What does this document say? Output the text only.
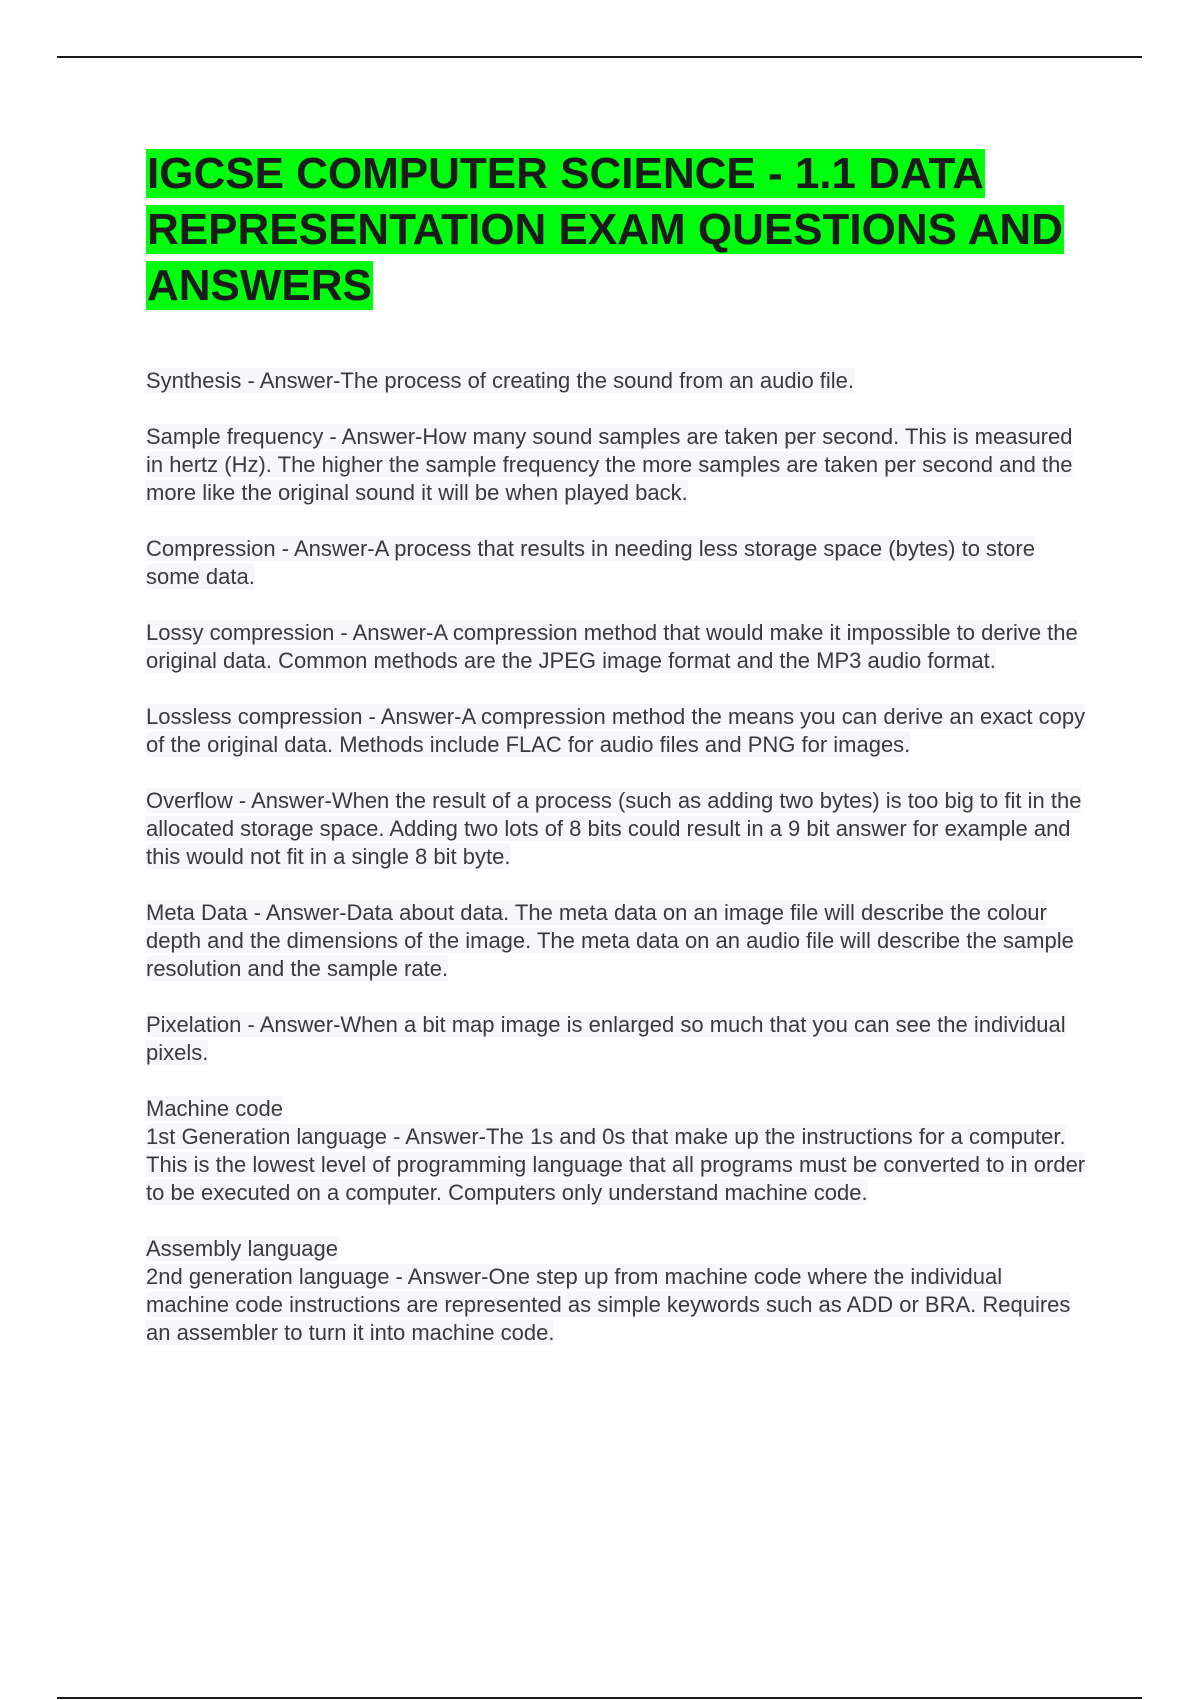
IGCSE COMPUTER SCIENCE - 1.1 DATA REPRESENTATION EXAM QUESTIONS AND ANSWERS

Synthesis - Answer-The process of creating the sound from an audio file.

Sample frequency - Answer-How many sound samples are taken per second. This is measured in hertz (Hz). The higher the sample frequency the more samples are taken per second and the more like the original sound it will be when played back.

Compression - Answer-A process that results in needing less storage space (bytes) to store some data.

Lossy compression - Answer-A compression method that would make it impossible to derive the original data. Common methods are the JPEG image format and the MP3 audio format.

Lossless compression - Answer-A compression method the means you can derive an exact copy of the original data. Methods include FLAC for audio files and PNG for images.

Overflow - Answer-When the result of a process (such as adding two bytes) is too big to fit in the allocated storage space. Adding two lots of 8 bits could result in a 9 bit answer for example and this would not fit in a single 8 bit byte.

Meta Data - Answer-Data about data. The meta data on an image file will describe the colour depth and the dimensions of the image. The meta data on an audio file will describe the sample resolution and the sample rate.

Pixelation - Answer-When a bit map image is enlarged so much that you can see the individual pixels.

Machine code
1st Generation language - Answer-The 1s and 0s that make up the instructions for a computer. This is the lowest level of programming language that all programs must be converted to in order to be executed on a computer. Computers only understand machine code.

Assembly language
2nd generation language - Answer-One step up from machine code where the individual machine code instructions are represented as simple keywords such as ADD or BRA. Requires an assembler to turn it into machine code.
